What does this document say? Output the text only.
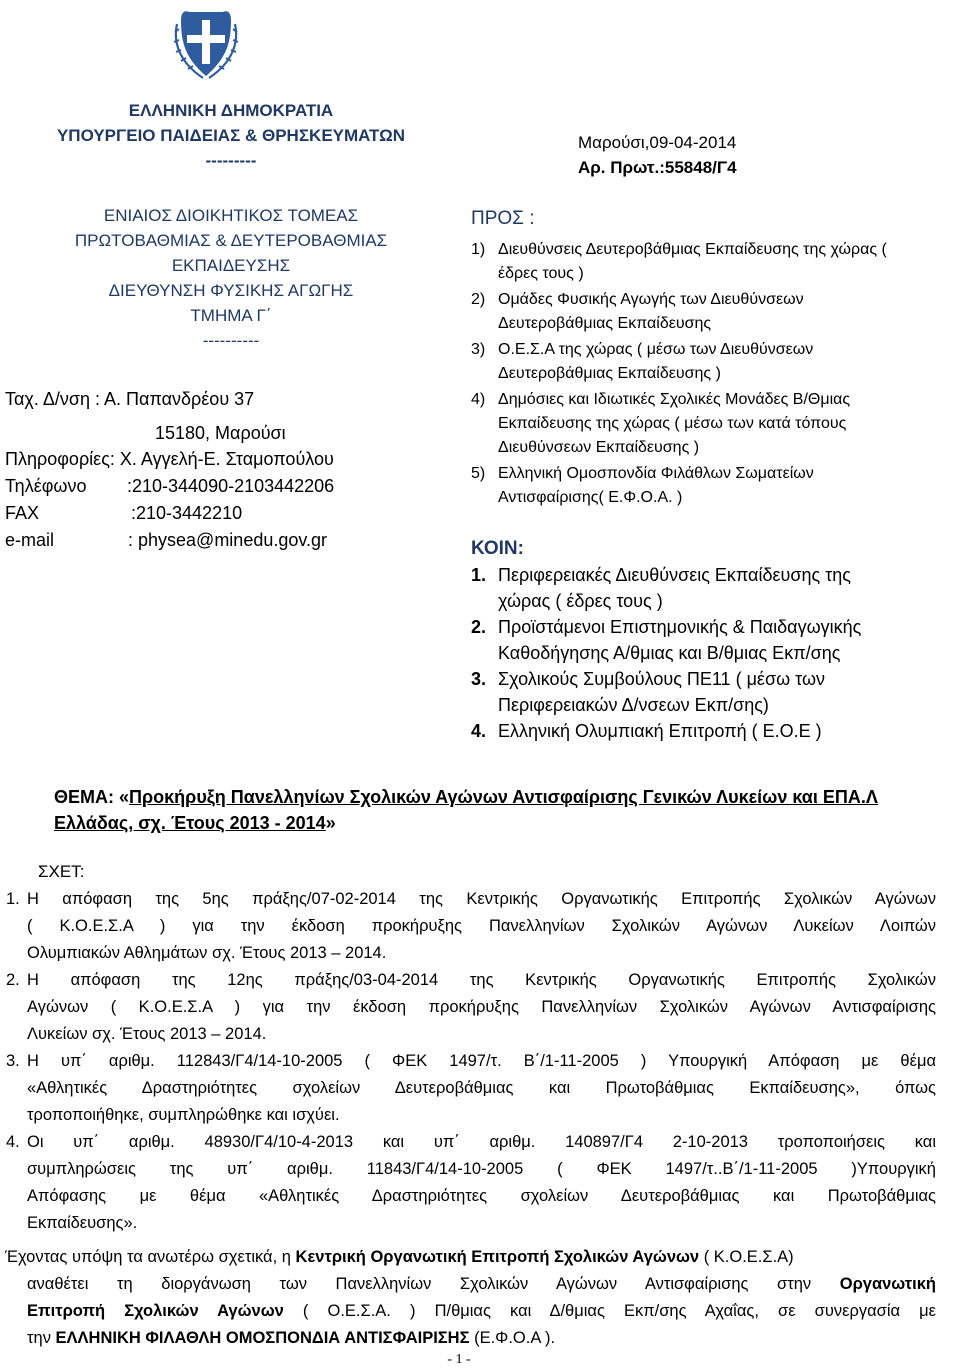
ΕΛΛΗΝΙΚΗ ΔΗΜΟΚΡΑΤΙΑ
ΥΠΟΥΡΓΕΙΟ ΠΑΙΔΕΙΑΣ & ΘΡΗΣΚΕΥΜΑΤΩΝ
---------
ΕΝΙΑΙΟΣ ΔΙΟΙΚΗΤΙΚΟΣ ΤΟΜΕΑΣ
ΠΡΩΤΟΒΑΘΜΙΑΣ & ΔΕΥΤΕΡΟΒΑΘΜΙΑΣ
ΕΚΠΑΙΔΕΥΣΗΣ
ΔΙΕΥΘΥΝΣΗ ΦΥΣΙΚΗΣ ΑΓΩΓΗΣ
ΤΜΗΜΑ Γ΄
----------
Ταχ. Δ/νση : Α. Παπανδρέου 37
15180, Μαρούσι
Πληροφορίες: Χ. Αγγελή-Ε. Σταμοπούλου
Τηλέφωνο :210-344090-2103442206
FAX	:210-3442210
e-mail	: physea@minedu.gov.gr
Μαρούσι,09-04-2014
Αρ. Πρωτ.:55848/Γ4
ΠΡΟΣ :
1) Διευθύνσεις Δευτεροβάθμιας Εκπαίδευσης της χώρας (
έδρες τους )
2) Ομάδες Φυσικής Αγωγής των Διευθύνσεων
Δευτεροβάθμιας Εκπαίδευσης
3) Ο.Ε.Σ.Α της χώρας ( μέσω των Διευθύνσεων
Δευτεροβάθμιας Εκπαίδευσης )
4) Δημόσιες και Ιδιωτικές Σχολικές Μονάδες Β/Θμιας
Εκπαίδευσης της χώρας ( μέσω των κατά τόπους
Διευθύνσεων Εκπαίδευσης )
5) Ελληνική Ομοσπονδία Φιλάθλων Σωματείων
Αντισφαίρισης( Ε.Φ.Ο.Α. )
ΚΟΙΝ:
1. Περιφερειακές Διευθύνσεις Εκπαίδευσης της
χώρας ( έδρες τους )
2. Προϊστάμενοι Επιστημονικής & Παιδαγωγικής
Καθοδήγησης Α/θμιας και Β/θμιας Εκπ/σης
3. Σχολικούς Συμβούλους ΠΕ11 ( μέσω των
Περιφερειακών Δ/νσεων Εκπ/σης)
4. Ελληνική Ολυμπιακή Επιτροπή ( Ε.Ο.Ε )
ΘΕΜΑ: «Προκήρυξη Πανελληνίων Σχολικών Αγώνων Αντισφαίρισης Γενικών Λυκείων και ΕΠΑ.Λ
Ελλάδας, σχ. Έτους 2013 - 2014»
ΣΧΕΤ:
1. Η απόφαση της 5ης πράξης/07-02-2014 της Κεντρικής Οργανωτικής Επιτροπής Σχολικών Αγώνων
( Κ.Ο.Ε.Σ.Α ) για την έκδοση προκήρυξης Πανελληνίων Σχολικών Αγώνων Λυκείων Λοιπών
Ολυμπιακών Αθλημάτων σχ. Έτους 2013 – 2014.
2. Η απόφαση της 12ης πράξης/03-04-2014 της Κεντρικής Οργανωτικής Επιτροπής Σχολικών
Αγώνων ( Κ.Ο.Ε.Σ.Α ) για την έκδοση προκήρυξης Πανελληνίων Σχολικών Αγώνων Αντισφαίρισης
Λυκείων σχ. Έτους 2013 – 2014.
3. Η υπ΄ αριθμ. 112843/Γ4/14-10-2005 ( ΦΕΚ 1497/τ. Β΄/1-11-2005 ) Υπουργική Απόφαση με θέμα
«Αθλητικές Δραστηριότητες σχολείων Δευτεροβάθμιας και Πρωτοβάθμιας Εκπαίδευσης», όπως
τροποποιήθηκε, συμπληρώθηκε και ισχύει.
4. Οι υπ΄ αριθμ. 48930/Γ4/10-4-2013 και υπ΄ αριθμ. 140897/Γ4 2-10-2013 τροποποιήσεις και
συμπληρώσεις της υπ΄ αριθμ. 11843/Γ4/14-10-2005 ( ΦΕΚ 1497/τ..Β΄/1-11-2005 )Υπουργική
Απόφασης με θέμα «Αθλητικές Δραστηριότητες σχολείων Δευτεροβάθμιας και Πρωτοβάθμιας
Εκπαίδευσης».
Έχοντας υπόψη τα ανωτέρω σχετικά, η Κεντρική Οργανωτική Επιτροπή Σχολικών Αγώνων ( Κ.Ο.Ε.Σ.Α)
αναθέτει τη διοργάνωση των Πανελληνίων Σχολικών Αγώνων Αντισφαίρισης στην Οργανωτική
Επιτροπή Σχολικών Αγώνων ( Ο.Ε.Σ.Α. ) Π/θμιας και Δ/θμιας Εκπ/σης Αχαΐας, σε συνεργασία με
την ΕΛΛΗΝΙΚΗ ΦΙΛΑΘΛΗ ΟΜΟΣΠΟΝΔΙΑ ΑΝΤΙΣΦΑΙΡΙΣΗΣ (Ε.Φ.Ο.Α ).
- 1 -
